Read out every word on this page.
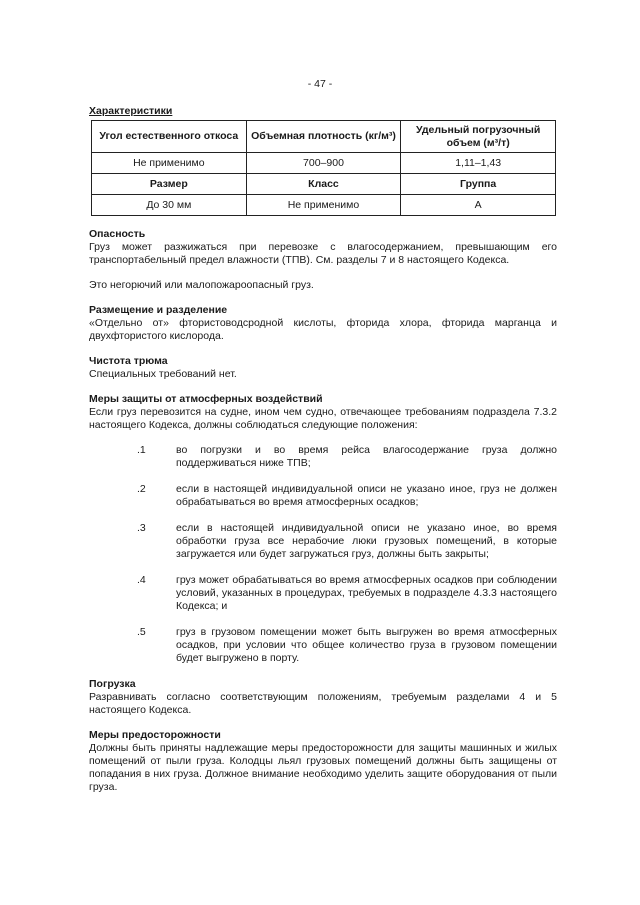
- 47 -
Характеристики
Угол естественного откоса	Объемная плотность (кг/м³)	Удельный погрузочный объем (м³/т)
Не применимо	700–900	1,11–1,43
Размер	Класс	Группа
До 30 мм	Не применимо	A
Опасность

Груз может разжижаться при перевозке с влагосодержанием, превышающим его транспортабельный предел влажности (ТПВ). См. разделы 7 и 8 настоящего Кодекса.

Это негорючий или малопожароопасный груз.

Размещение и разделение

«Отдельно от» фтористоводсродной кислоты, фторида хлора, фторида марганца и двухфтористого кислорода.

Чистота трюма

Специальных требований нет.

Меры защиты от атмосферных воздействий

Если груз перевозится на судне, ином чем судно, отвечающее требованиям подраздела 7.3.2 настоящего Кодекса, должны соблюдаться следующие положения:

.1	во погрузки и во время рейса влагосодержание груза должно поддерживаться ниже ТПВ;
.2	если в настоящей индивидуальной описи не указано иное, груз не должен обрабатываться во время атмосферных осадков;
.3	если в настоящей индивидуальной описи не указано иное, во время обработки груза все нерабочие люки грузовых помещений, в которые загружается или будет загружаться груз, должны быть закрыты;
.4	груз может обрабатываться во время атмосферных осадков при соблюдении условий, указанных в процедурах, требуемых в подразделе 4.3.3 настоящего Кодекса; и
.5	груз в грузовом помещении может быть выгружен во время атмосферных осадков, при условии что общее количество груза в грузовом помещении будет выгружено в порту.
Погрузка

Разравнивать согласно соответствующим положениям, требуемым разделами 4 и 5 настоящего Кодекса.

Меры предосторожности

Должны быть приняты надлежащие меры предосторожности для защиты машинных и жилых помещений от пыли груза. Колодцы льял грузовых помещений должны быть защищены от попадания в них груза. Должное внимание необходимо уделить защите оборудования от пыли груза.
